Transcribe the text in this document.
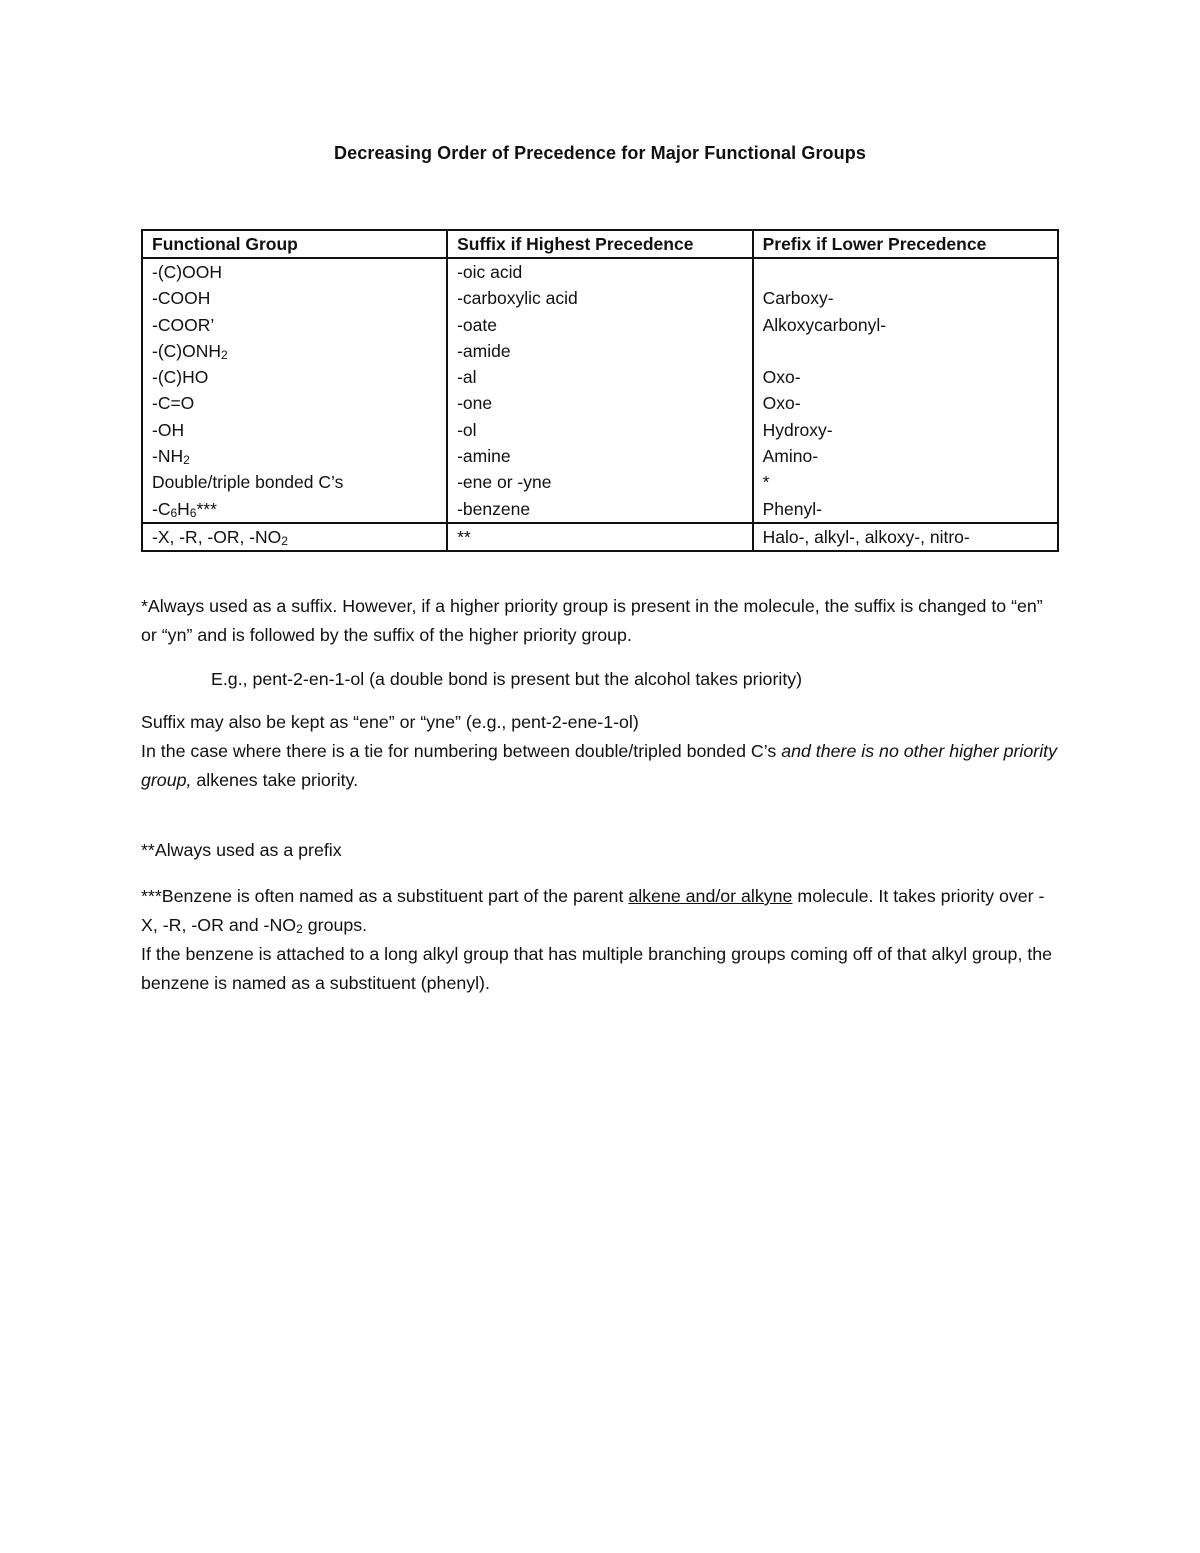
Decreasing Order of Precedence for Major Functional Groups
Functional Group	Suffix if Highest Precedence	Prefix if Lower Precedence
-(C)OOH	-oic acid	
-COOH	-carboxylic acid	Carboxy-
-COOR’	-oate	Alkoxycarbonyl-
$-(C)ONH_2$	-amide	
-(C)HO	-al	Oxo-
-C=O	-one	Oxo-
-OH	-ol	Hydroxy-
$-NH_2$	-amine	Amino-
Double/triple bonded C’s	-ene or -yne	*
$-C_6H_6***$	-benzene	Phenyl-
-X, -R, -OR, $-NO_2$	**	Halo-, alkyl-, alkoxy-, nitro-

*Always used as a suffix. However, if a higher priority group is present in the molecule, the suffix is changed to “en” or “yn” and is followed by the suffix of the higher priority group.

E.g., pent-2-en-1-ol (a double bond is present but the alcohol takes priority)

Suffix may also be kept as “ene” or “yne” (e.g., pent-2-ene-1-ol)
In the case where there is a tie for numbering between double/tripled bonded C’s and there is no other higher priority group, alkenes take priority.

**Always used as a prefix

***Benzene is often named as a substituent part of the parent alkene and/or alkyne molecule. It takes priority over -X, -R, -OR and $-NO_2$ groups.
If the benzene is attached to a long alkyl group that has multiple branching groups coming off of that alkyl group, the benzene is named as a substituent (phenyl).
